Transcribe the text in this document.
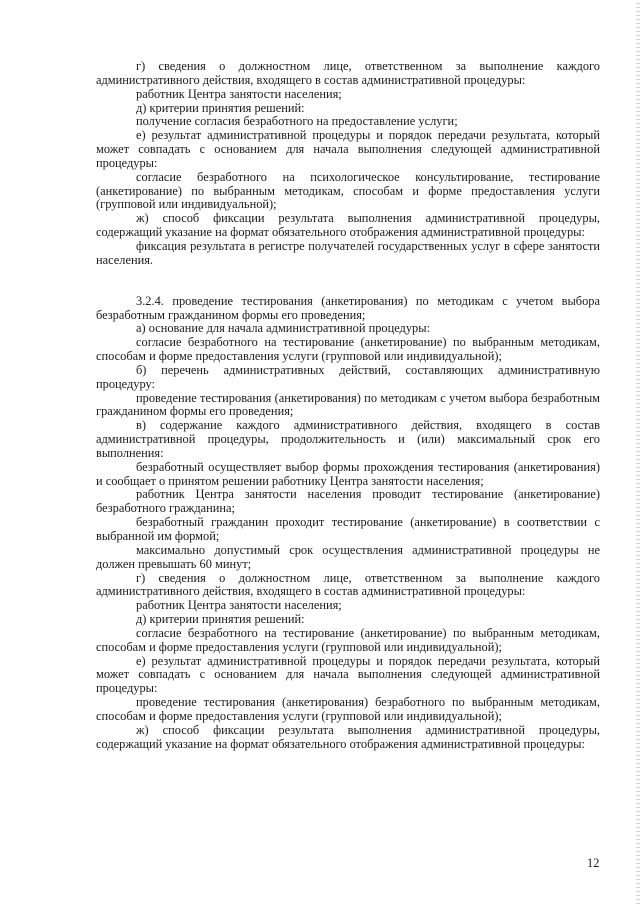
г) сведения о должностном лице, ответственном за выполнение каждого административного действия, входящего в состав административной процедуры:

работник Центра занятости населения;

д) критерии принятия решений:

получение согласия безработного на предоставление услуги;

е) результат административной процедуры и порядок передачи результата, который может совпадать с основанием для начала выполнения следующей административной процедуры:

согласие безработного на психологическое консультирование, тестирование (анкетирование) по выбранным методикам, способам и форме предоставления услуги (групповой или индивидуальной);

ж) способ фиксации результата выполнения административной процедуры, содержащий указание на формат обязательного отображения административной процедуры:

фиксация результата в регистре получателей государственных услуг в сфере занятости населения.

3.2.4. проведение тестирования (анкетирования) по методикам с учетом выбора безработным гражданином формы его проведения;

а) основание для начала административной процедуры:

согласие безработного на тестирование (анкетирование) по выбранным методикам, способам и форме предоставления услуги (групповой или индивидуальной);

б) перечень административных действий, составляющих административную процедуру:

проведение тестирования (анкетирования) по методикам с учетом выбора безработным гражданином формы его проведения;

в) содержание каждого административного действия, входящего в состав административной процедуры, продолжительность и (или) максимальный срок его выполнения:

безработный осуществляет выбор формы прохождения тестирования (анкетирования) и сообщает о принятом решении работнику Центра занятости населения;

работник Центра занятости населения проводит тестирование (анкетирование) безработного гражданина;

безработный гражданин проходит тестирование (анкетирование) в соответствии с выбранной им формой;

максимально допустимый срок осуществления административной процедуры не должен превышать 60 минут;

г) сведения о должностном лице, ответственном за выполнение каждого административного действия, входящего в состав административной процедуры:

работник Центра занятости населения;

д) критерии принятия решений:

согласие безработного на тестирование (анкетирование) по выбранным методикам, способам и форме предоставления услуги (групповой или индивидуальной);

е) результат административной процедуры и порядок передачи результата, который может совпадать с основанием для начала выполнения следующей административной процедуры:

проведение тестирования (анкетирования) безработного по выбранным методикам, способам и форме предоставления услуги (групповой или индивидуальной);

ж) способ фиксации результата выполнения административной процедуры, содержащий указание на формат обязательного отображения административной процедуры:

12
